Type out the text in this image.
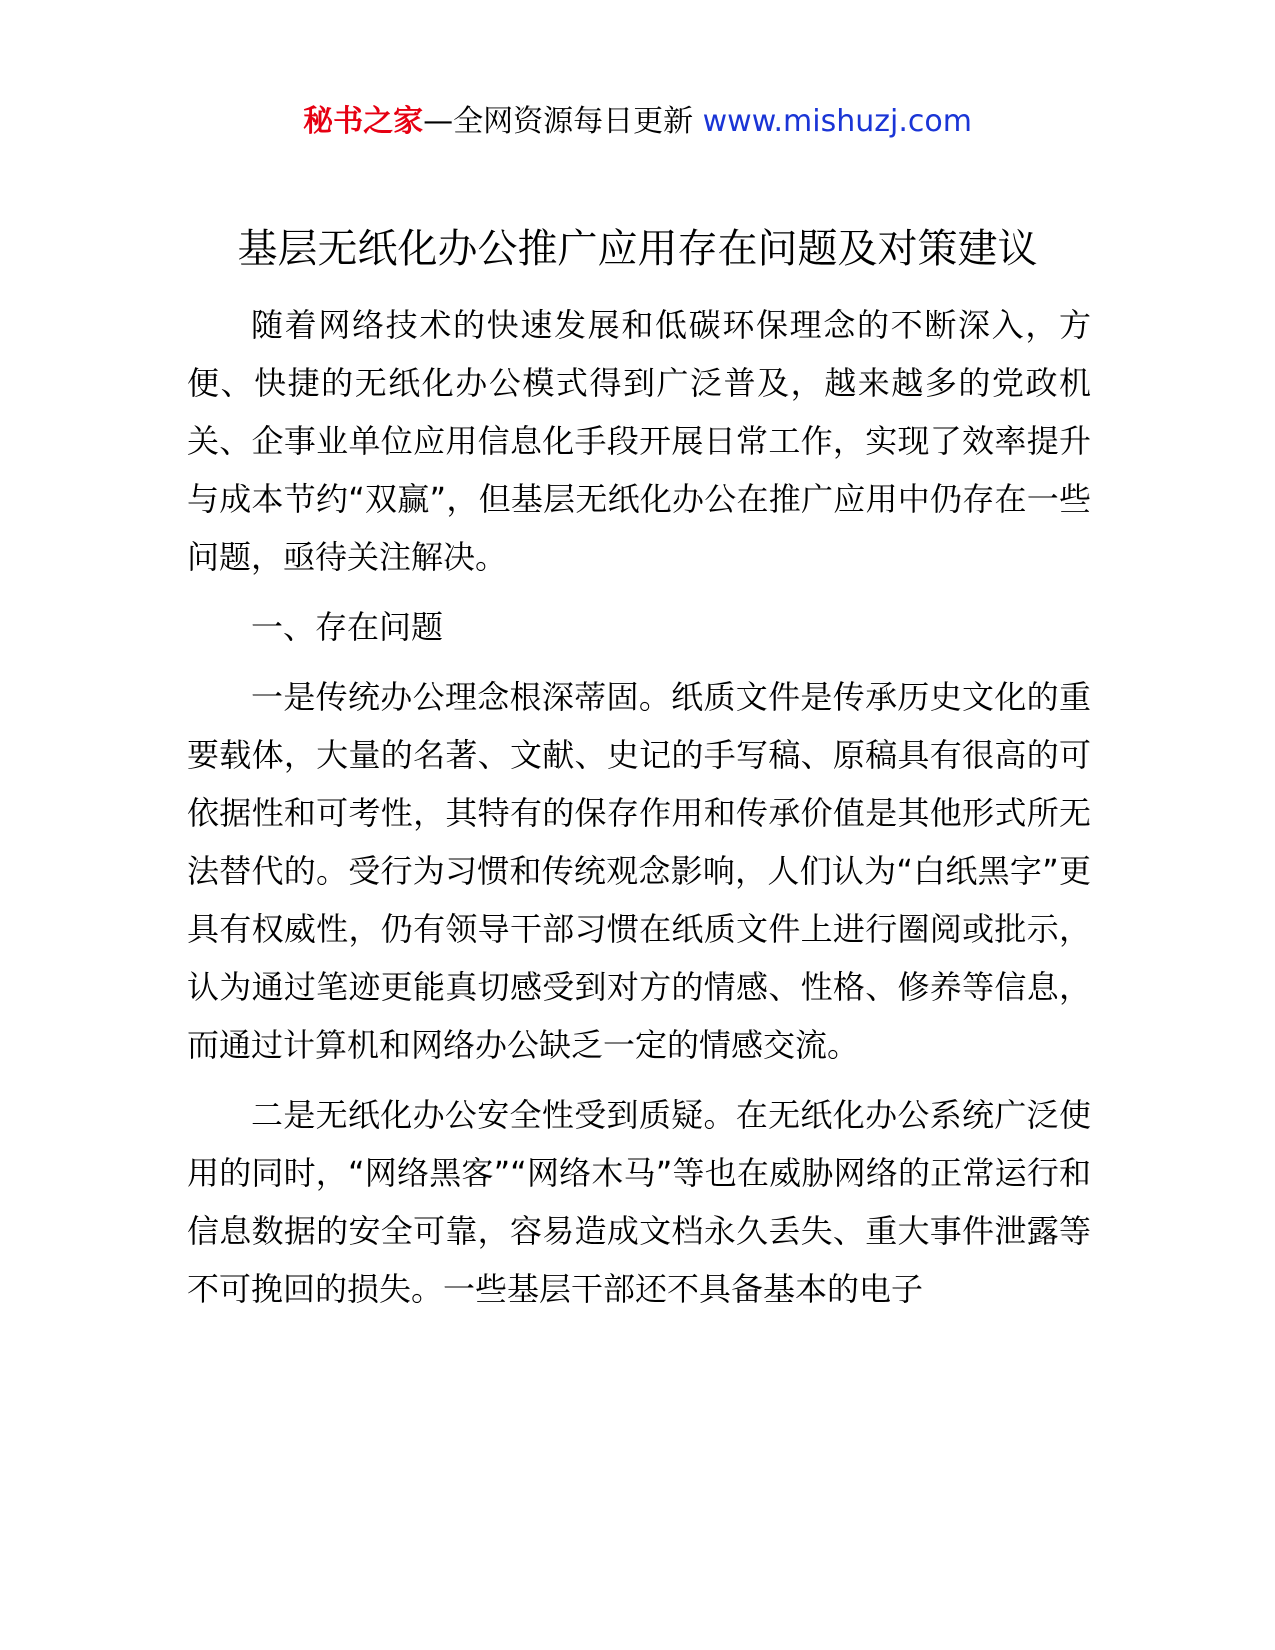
秘书之家—全网资源每日更新 www.mishuzj.com
基层无纸化办公推广应用存在问题及对策建议

随着网络技术的快速发展和低碳环保理念的不断深入，方便、快捷的无纸化办公模式得到广泛普及，越来越多的党政机关、企事业单位应用信息化手段开展日常工作，实现了效率提升与成本节约“双赢”，但基层无纸化办公在推广应用中仍存在一些问题，亟待关注解决。

一、存在问题

一是传统办公理念根深蒂固。纸质文件是传承历史文化的重要载体，大量的名著、文献、史记的手写稿、原稿具有很高的可依据性和可考性，其特有的保存作用和传承价值是其他形式所无法替代的。受行为习惯和传统观念影响，人们认为“白纸黑字”更具有权威性，仍有领导干部习惯在纸质文件上进行圈阅或批示，认为通过笔迹更能真切感受到对方的情感、性格、修养等信息，而通过计算机和网络办公缺乏一定的情感交流。

二是无纸化办公安全性受到质疑。在无纸化办公系统广泛使用的同时，“网络黑客”“网络木马”等也在威胁网络的正常运行和信息数据的安全可靠，容易造成文档永久丢失、重大事件泄露等不可挽回的损失。一些基层干部还不具备基本的电子
